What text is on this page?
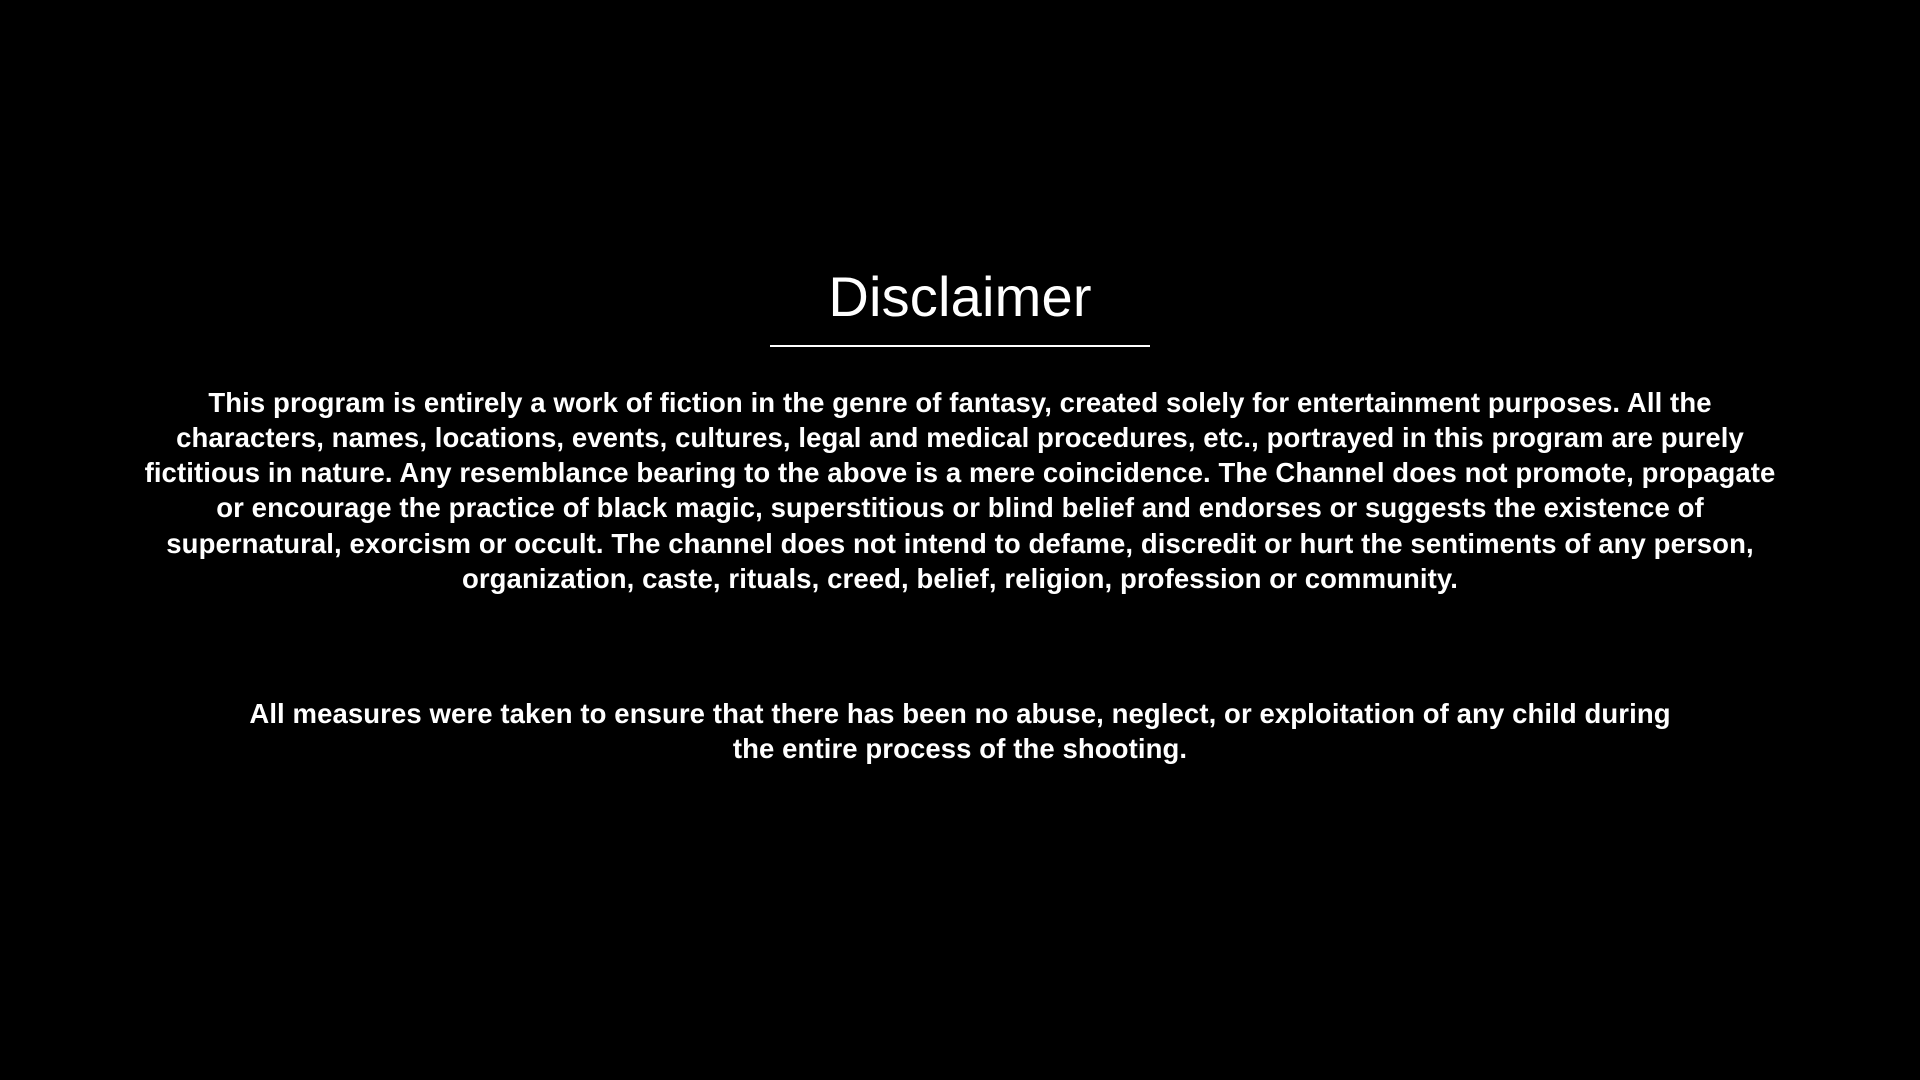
Disclaimer

This program is entirely a work of fiction in the genre of fantasy, created solely for entertainment purposes. All the characters, names, locations, events, cultures, legal and medical procedures, etc., portrayed in this program are purely fictitious in nature. Any resemblance bearing to the above is a mere coincidence. The Channel does not promote, propagate or encourage the practice of black magic, superstitious or blind belief and endorses or suggests the existence of supernatural, exorcism or occult. The channel does not intend to defame, discredit or hurt the sentiments of any person, organization, caste, rituals, creed, belief, religion, profession or community.

All measures were taken to ensure that there has been no abuse, neglect, or exploitation of any child during the entire process of the shooting.
